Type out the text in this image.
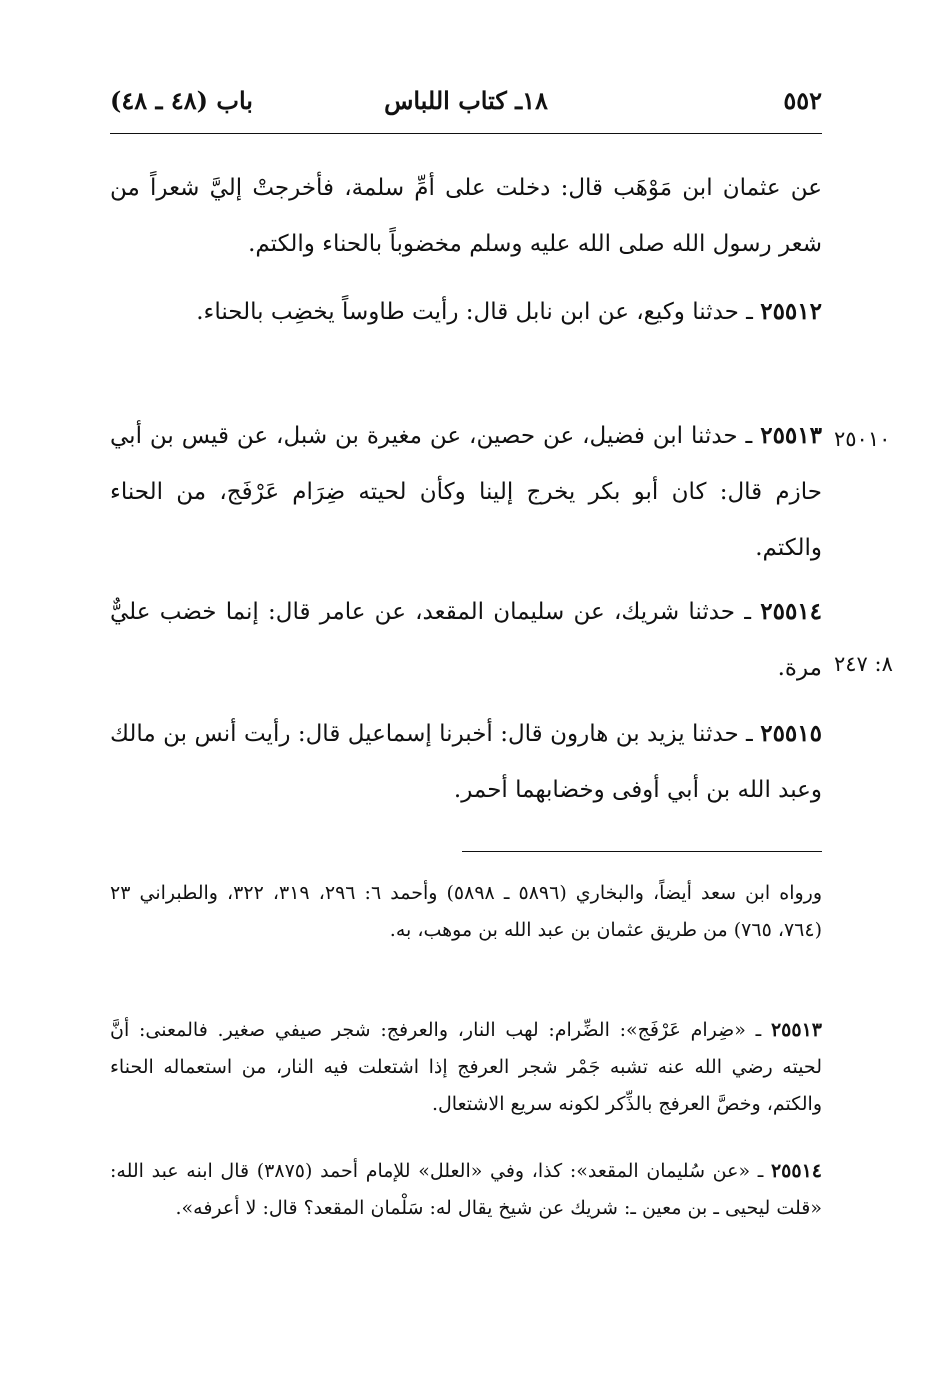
٥٥٢
١٨ـ كتاب اللباس
باب (٤٨ ـ ٤٨)
عن عثمان ابن مَوْهَب قال: دخلت على أمِّ سلمة، فأخرجتْ إليَّ شعراً من شعر رسول الله صلى الله عليه وسلم مخضوباً بالحناء والكتم.
٢٥٥١٢ ـ حدثنا وكيع، عن ابن نابل قال: رأيت طاوساً يخضِب بالحناء.
٢٥٥١٣ ـ حدثنا ابن فضيل، عن حصين، عن مغيرة بن شبل، عن قيس بن أبي حازم قال: كان أبو بكر يخرج إلينا وكأن لحيته ضِرَام عَرْفَج، من الحناء والكتم.
٢٥٥١٤ ـ حدثنا شريك، عن سليمان المقعد، عن عامر قال: إنما خضب عليٌّ مرة.
٢٥٥١٥ ـ حدثنا يزيد بن هارون قال: أخبرنا إسماعيل قال: رأيت أنس بن مالك وعبد الله بن أبي أوفى وخضابهما أحمر.
٢٥٠١٠
٨: ٢٤٧
ورواه ابن سعد أيضاً، والبخاري (٥٨٩٦ ـ ٥٨٩٨) وأحمد ٦: ٢٩٦، ٣١٩، ٣٢٢، والطبراني ٢٣ (٧٦٤، ٧٦٥) من طريق عثمان بن عبد الله بن موهب، به.
٢٥٥١٣ ـ «ضِرام عَرْفَج»: الضِّرام: لهب النار، والعرفج: شجر صيفي صغير. فالمعنى: أنَّ لحيته رضي الله عنه تشبه جَمْر شجر العرفج إذا اشتعلت فيه النار، من استعماله الحناء والكتم، وخصَّ العرفج بالذِّكر لكونه سريع الاشتعال.
٢٥٥١٤ ـ «عن سُليمان المقعد»: كذا، وفي «العلل» للإمام أحمد (٣٨٧٥) قال ابنه عبد الله: «قلت ليحيى ـ بن معين ـ: شريك عن شيخ يقال له: سَلْمان المقعد؟ قال: لا أعرفه».
